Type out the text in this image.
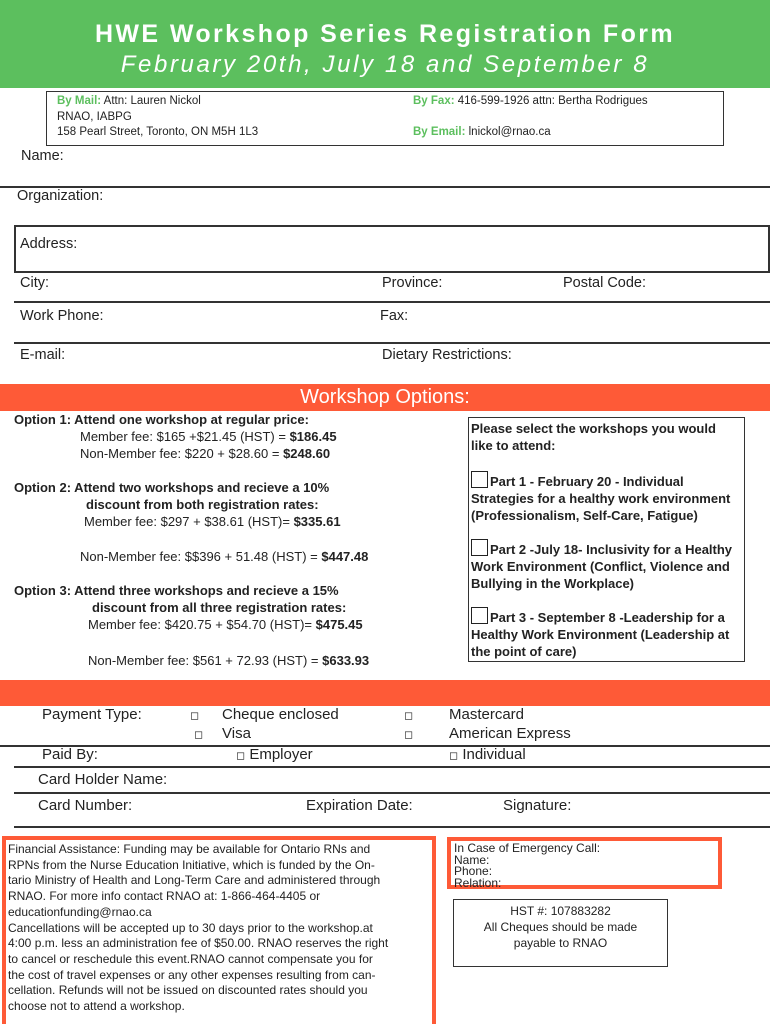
HWE Workshop Series Registration Form
February 20th, July 18 and September 8
By Mail: Attn: Lauren Nickol
RNAO, IABPG
158 Pearl Street, Toronto, ON M5H 1L3
By Fax: 416-599-1926 attn: Bertha Rodrigues
By Email: lnickol@rnao.ca
Name:
Organization:
Address:
City:	Province:	Postal Code:
Work Phone:	Fax:
E-mail:	Dietary Restrictions:
Workshop Options:
Option 1: Attend one workshop at regular price:
Member fee: $165 +$21.45 (HST) = $186.45
Non-Member fee: $220 + $28.60 = $248.60
Option 2: Attend two workshops and recieve a 10%
discount from both registration rates:
Member fee: $297 + $38.61 (HST)= $335.61
Non-Member fee: $$396 + 51.48 (HST) = $447.48
Option 3: Attend three workshops and recieve a 15%
discount from all three registration rates:
Member fee: $420.75 + $54.70 (HST)= $475.45
Non-Member fee: $561 + 72.93 (HST) = $633.93

Please select the workshops you would like to attend:

Part 1 - February 20 - Individual Strategies for a healthy work environment (Professionalism, Self-Care, Fatigue)

Part 2 -July 18- Inclusivity for a Healthy Work Environment (Conflict, Violence and Bullying in the Workplace)

Part 3 - September 8 -Leadership for a Healthy Work Environment (Leadership at the point of care)

Payment Type:	◻ Cheque enclosed	◻ Mastercard
◻ Visa	◻ American Express
Paid By:	◻ Employer	◻ Individual
Card Holder Name:
Card Number:	Expiration Date:	Signature:
Financial Assistance: Funding may be available for Ontario RNs and
RPNs from the Nurse Education Initiative, which is funded by the On-
tario Ministry of Health and Long-Term Care and administered through
RNAO. For more info contact RNAO at: 1-866-464-4405 or
educationfunding@rnao.ca
Cancellations will be accepted up to 30 days prior to the workshop.at
4:00 p.m. less an administration fee of $50.00. RNAO reserves the right
to cancel or reschedule this event.RNAO cannot compensate you for
the cost of travel expenses or any other expenses resulting from can-
cellation. Refunds will not be issued on discounted rates should you
choose not to attend a workshop.
In Case of Emergency Call:
Name:
Phone:
Relation:
HST #: 107883282
All Cheques should be made
payable to RNAO
